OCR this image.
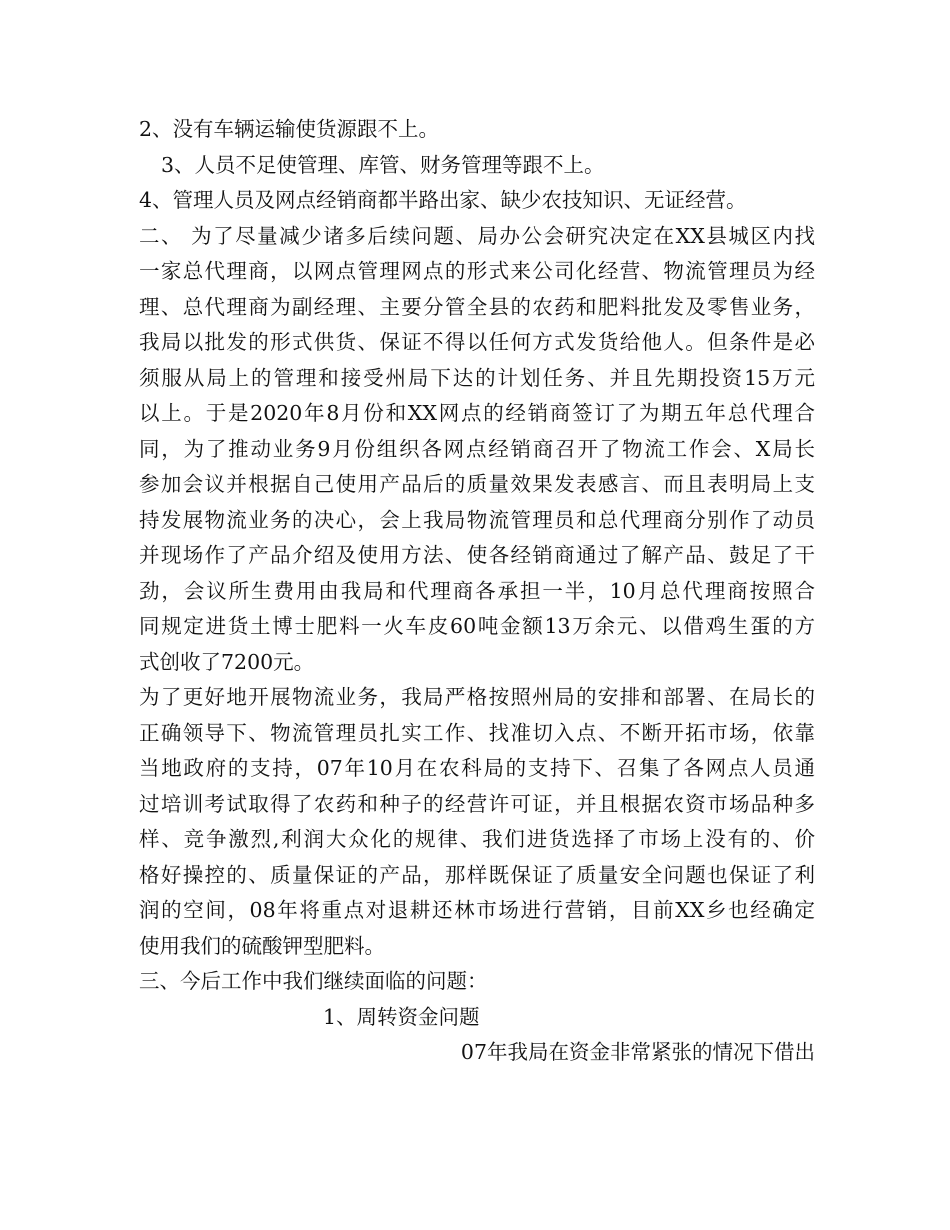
2、没有车辆运输使货源跟不上。
3、人员不足使管理、库管、财务管理等跟不上。
4、管理人员及网点经销商都半路出家、缺少农技知识、无证经营。
二、 为了尽量减少诸多后续问题、局办公会研究决定在XX县城区内找
一家总代理商，以网点管理网点的形式来公司化经营、物流管理员为经
理、总代理商为副经理、主要分管全县的农药和肥料批发及零售业务，
我局以批发的形式供货、保证不得以任何方式发货给他人。但条件是必
须服从局上的管理和接受州局下达的计划任务、并且先期投资15万元
以上。于是2020年8月份和XX网点的经销商签订了为期五年总代理合
同，为了推动业务9月份组织各网点经销商召开了物流工作会、X局长
参加会议并根据自己使用产品后的质量效果发表感言、而且表明局上支
持发展物流业务的决心，会上我局物流管理员和总代理商分别作了动员
并现场作了产品介绍及使用方法、使各经销商通过了解产品、鼓足了干
劲，会议所生费用由我局和代理商各承担一半，10月总代理商按照合
同规定进货土博士肥料一火车皮60吨金额13万余元、以借鸡生蛋的方
式创收了7200元。
为了更好地开展物流业务，我局严格按照州局的安排和部署、在局长的
正确领导下、物流管理员扎实工作、找准切入点、不断开拓市场，依靠
当地政府的支持，07年10月在农科局的支持下、召集了各网点人员通
过培训考试取得了农药和种子的经营许可证，并且根据农资市场品种多
样、竞争激烈,利润大众化的规律、我们进货选择了市场上没有的、价
格好操控的、质量保证的产品，那样既保证了质量安全问题也保证了利
润的空间，08年将重点对退耕还林市场进行营销，目前XX乡也经确定
使用我们的硫酸钾型肥料。
三、今后工作中我们继续面临的问题：
1、周转资金问题
07年我局在资金非常紧张的情况下借出
